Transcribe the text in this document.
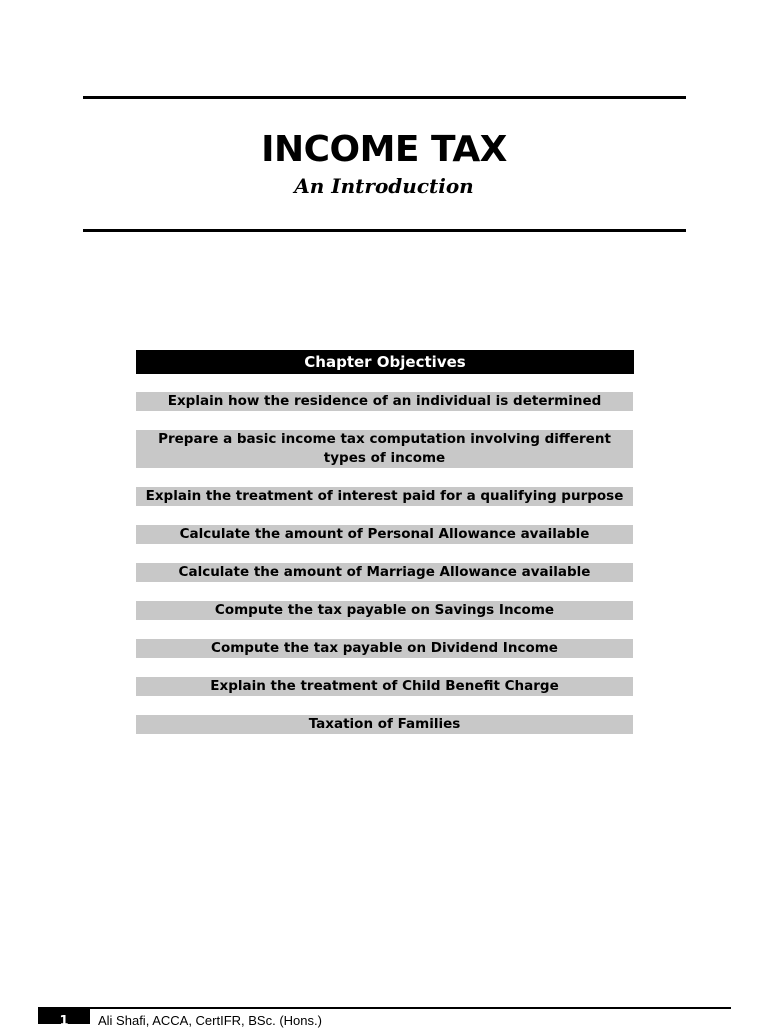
INCOME TAX
An Introduction
Chapter Objectives
Explain how the residence of an individual is determined
Prepare a basic income tax computation involving different types of income
Explain the treatment of interest paid for a qualifying purpose
Calculate the amount of Personal Allowance available
Calculate the amount of Marriage Allowance available
Compute the tax payable on Savings Income
Compute the tax payable on Dividend Income
Explain the treatment of Child Benefit Charge
Taxation of Families
1	Ali Shafi, ACCA, CertIFR, BSc. (Hons.)
